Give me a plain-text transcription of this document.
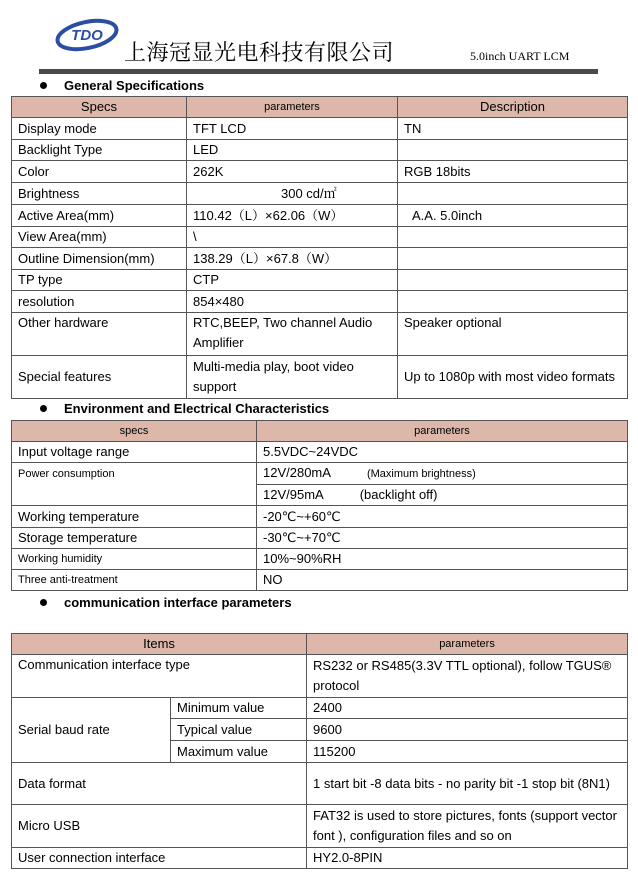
TDO
上海冠显光电科技有限公司	5.0inch UART LCM
General Specifications
Specs	parameters	Description
Display mode	TFT LCD	TN
Backlight Type	LED	
Color	262K	RGB 18bits
Brightness	300 cd/㎡	
Active Area(mm)	110.42（L）×62.06（W）	A.A. 5.0inch
View Area(mm)	\	
Outline Dimension(mm)	138.29（L）×67.8（W）	
TP type	CTP	
resolution	854×480	
Other hardware	RTC,BEEP, Two channel Audio Amplifier	Speaker optional
Special features	Multi-media play, boot video support	Up to 1080p with most video formats
Environment and Electrical Characteristics
specs	parameters
Input voltage range	5.5VDC~24VDC
Power consumption	12V/280mA (Maximum brightness)
	12V/95mA (backlight off)
Working temperature	-20℃~+60℃
Storage temperature	-30℃~+70℃
Working humidity	10%~90%RH
Three anti-treatment	NO
communication interface parameters
Items		parameters
Communication interface type		RS232 or RS485(3.3V TTL optional), follow TGUS® protocol
Serial baud rate	Minimum value	2400
	Typical value	9600
	Maximum value	115200
Data format		1 start bit -8 data bits - no parity bit -1 stop bit (8N1)
Micro USB		FAT32 is used to store pictures, fonts (support vector font ), configuration files and so on
User connection interface		HY2.0-8PIN
